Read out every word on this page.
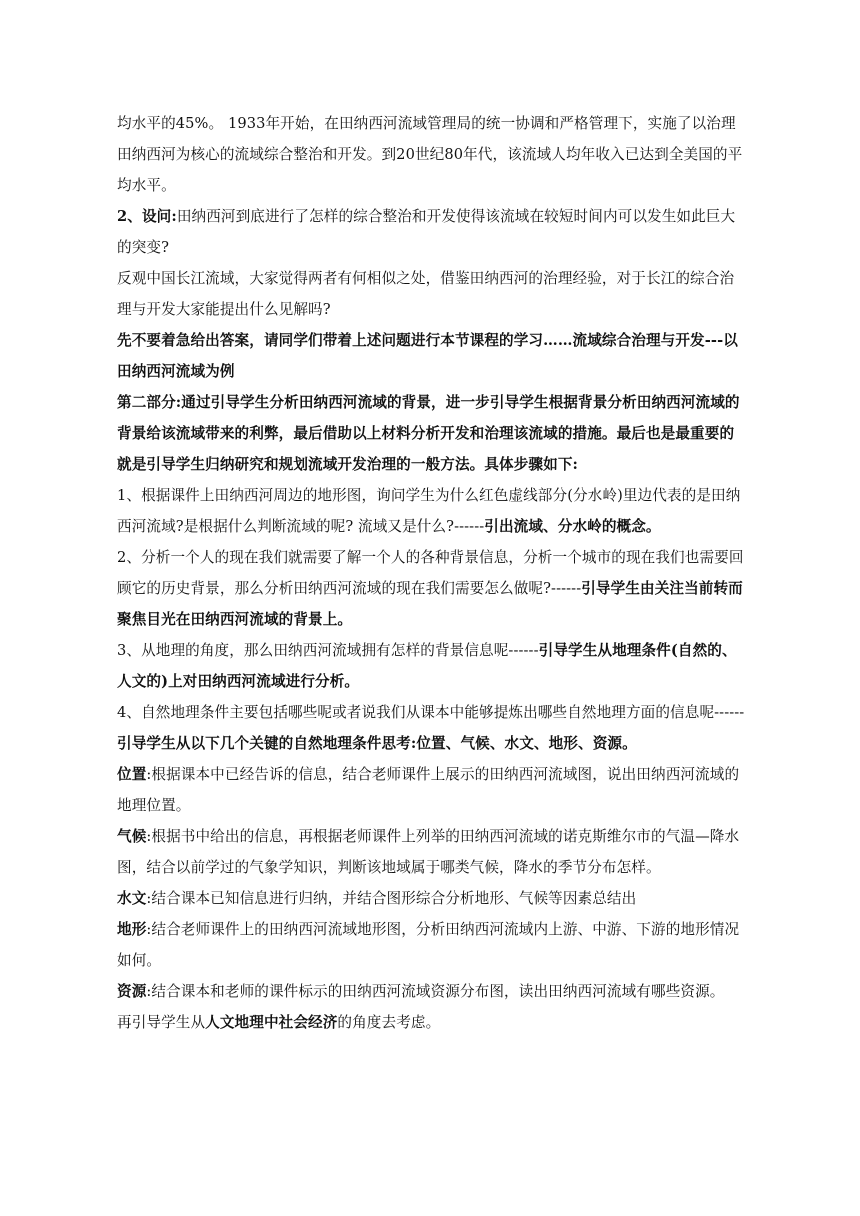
均水平的45%。 1933年开始，在田纳西河流域管理局的统一协调和严格管理下，实施了以治理田纳西河为核心的流域综合整治和开发。到20世纪80年代，该流域人均年收入已达到全美国的平均水平。

2、设问:田纳西河到底进行了怎样的综合整治和开发使得该流域在较短时间内可以发生如此巨大的突变?

反观中国长江流域，大家觉得两者有何相似之处，借鉴田纳西河的治理经验，对于长江的综合治理与开发大家能提出什么见解吗?

先不要着急给出答案，请同学们带着上述问题进行本节课程的学习……流域综合治理与开发---以田纳西河流域为例

第二部分:通过引导学生分析田纳西河流域的背景，进一步引导学生根据背景分析田纳西河流域的背景给该流域带来的利弊，最后借助以上材料分析开发和治理该流域的措施。最后也是最重要的就是引导学生归纳研究和规划流域开发治理的一般方法。具体步骤如下:

1、根据课件上田纳西河周边的地形图，询问学生为什么红色虚线部分(分水岭)里边代表的是田纳西河流域?是根据什么判断流域的呢? 流域又是什么?------引出流域、分水岭的概念。

2、分析一个人的现在我们就需要了解一个人的各种背景信息，分析一个城市的现在我们也需要回顾它的历史背景，那么分析田纳西河流域的现在我们需要怎么做呢?------引导学生由关注当前转而聚焦目光在田纳西河流域的背景上。

3、从地理的角度，那么田纳西河流域拥有怎样的背景信息呢------引导学生从地理条件(自然的、人文的)上对田纳西河流域进行分析。

4、自然地理条件主要包括哪些呢或者说我们从课本中能够提炼出哪些自然地理方面的信息呢------引导学生从以下几个关键的自然地理条件思考:位置、气候、水文、地形、资源。

位置:根据课本中已经告诉的信息，结合老师课件上展示的田纳西河流域图，说出田纳西河流域的地理位置。

气候:根据书中给出的信息，再根据老师课件上列举的田纳西河流域的诺克斯维尔市的气温—降水图，结合以前学过的气象学知识，判断该地域属于哪类气候，降水的季节分布怎样。

水文:结合课本已知信息进行归纳，并结合图形综合分析地形、气候等因素总结出

地形:结合老师课件上的田纳西河流域地形图，分析田纳西河流域内上游、中游、下游的地形情况如何。

资源:结合课本和老师的课件标示的田纳西河流域资源分布图，读出田纳西河流域有哪些资源。

再引导学生从人文地理中社会经济的角度去考虑。
